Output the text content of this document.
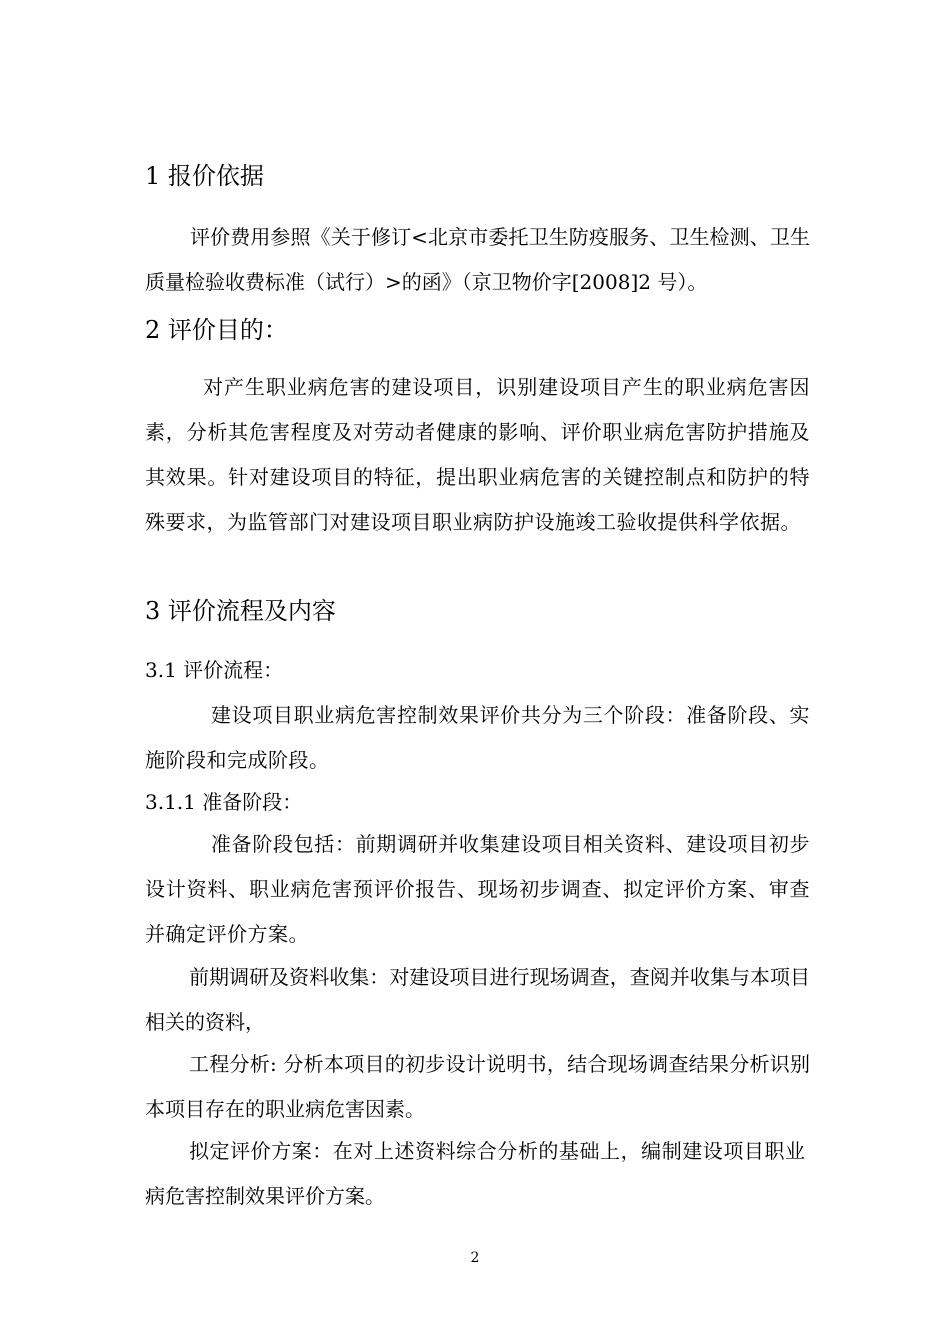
1 报价依据
评价费用参照《关于修订<北京市委托卫生防疫服务、卫生检测、卫生质量检验收费标准（试行）>的函》（京卫物价字[2008]2 号）。
2 评价目的：
对产生职业病危害的建设项目，识别建设项目产生的职业病危害因素，分析其危害程度及对劳动者健康的影响、评价职业病危害防护措施及其效果。针对建设项目的特征，提出职业病危害的关键控制点和防护的特殊要求，为监管部门对建设项目职业病防护设施竣工验收提供科学依据。
3 评价流程及内容
3.1 评价流程：
建设项目职业病危害控制效果评价共分为三个阶段：准备阶段、实施阶段和完成阶段。
3.1.1 准备阶段：
准备阶段包括：前期调研并收集建设项目相关资料、建设项目初步设计资料、职业病危害预评价报告、现场初步调查、拟定评价方案、审查并确定评价方案。
前期调研及资料收集：对建设项目进行现场调查，查阅并收集与本项目相关的资料，
工程分析: 分析本项目的初步设计说明书，结合现场调查结果分析识别本项目存在的职业病危害因素。
拟定评价方案：在对上述资料综合分析的基础上，编制建设项目职业病危害控制效果评价方案。
2
